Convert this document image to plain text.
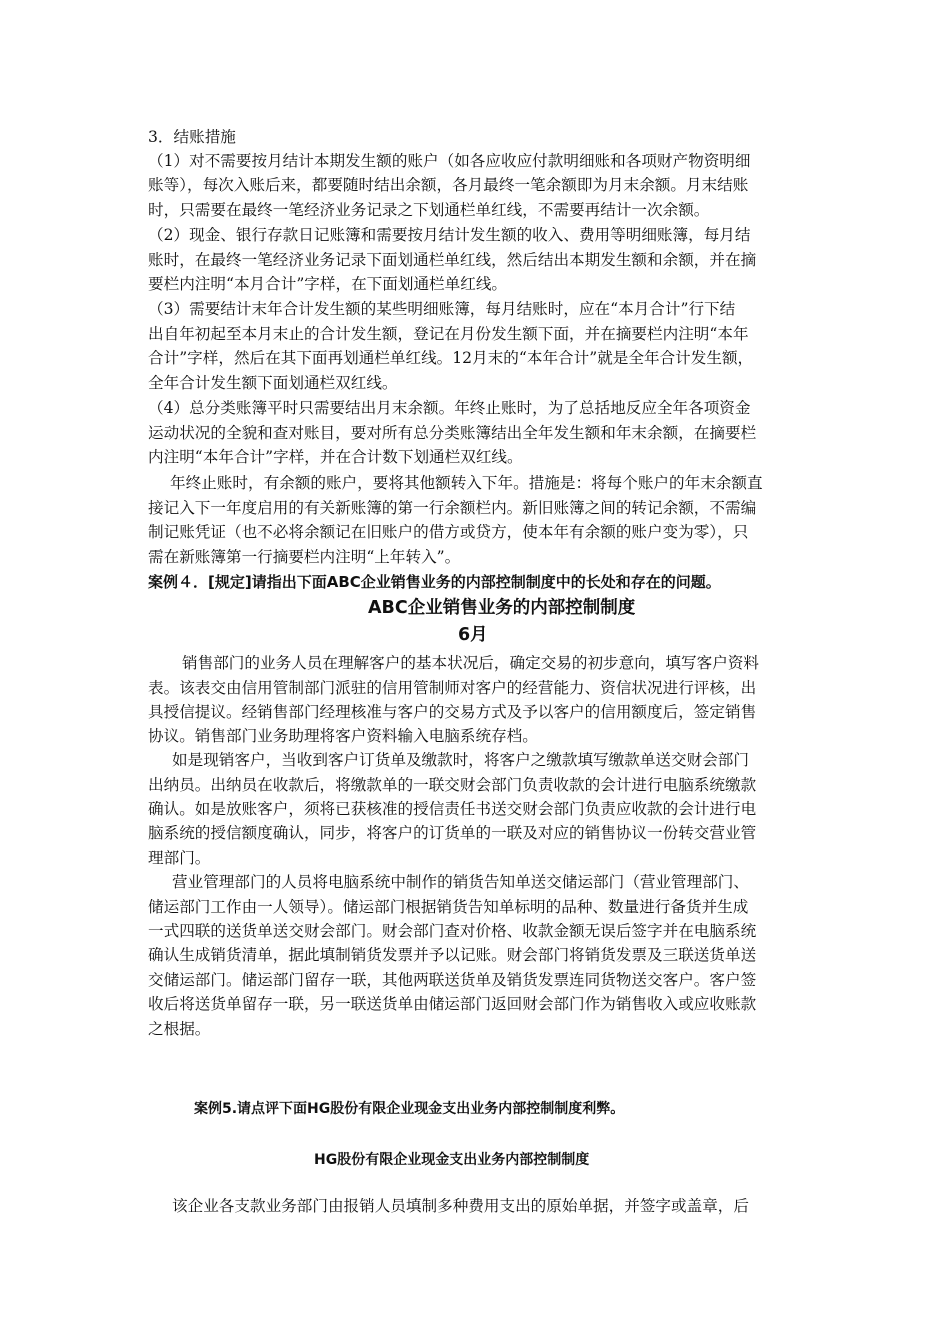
3．结账措施
（1）对不需要按月结计本期发生额的账户（如各应收应付款明细账和各项财产物资明细
账等），每次入账后来，都要随时结出余额，各月最终一笔余额即为月末余额。月末结账
时，只需要在最终一笔经济业务记录之下划通栏单红线，不需要再结计一次余额。
（2）现金、银行存款日记账簿和需要按月结计发生额的收入、费用等明细账簿，每月结
账时，在最终一笔经济业务记录下面划通栏单红线，然后结出本期发生额和余额，并在摘
要栏内注明“本月合计”字样，在下面划通栏单红线。
（3）需要结计末年合计发生额的某些明细账簿，每月结账时，应在“本月合计”行下结
出自年初起至本月末止的合计发生额，登记在月份发生额下面，并在摘要栏内注明“本年
合计”字样，然后在其下面再划通栏单红线。12月末的“本年合计”就是全年合计发生额，
全年合计发生额下面划通栏双红线。
（4）总分类账簿平时只需要结出月末余额。年终止账时，为了总括地反应全年各项资金
运动状况的全貌和查对账目，要对所有总分类账簿结出全年发生额和年末余额，在摘要栏
内注明“本年合计”字样，并在合计数下划通栏双红线。
年终止账时，有余额的账户，要将其他额转入下年。措施是：将每个账户的年末余额直
接记入下一年度启用的有关新账簿的第一行余额栏内。新旧账簿之间的转记余额，不需编
制记账凭证（也不必将余额记在旧账户的借方或贷方，使本年有余额的账户变为零），只
需在新账簿第一行摘要栏内注明“上年转入”。
案例４．[规定]请指出下面ABC企业销售业务的内部控制制度中的长处和存在的问题。
ABC企业销售业务的内部控制制度
6月
销售部门的业务人员在理解客户的基本状况后，确定交易的初步意向，填写客户资料
表。该表交由信用管制部门派驻的信用管制师对客户的经营能力、资信状况进行评核，出
具授信提议。经销售部门经理核准与客户的交易方式及予以客户的信用额度后，签定销售
协议。销售部门业务助理将客户资料输入电脑系统存档。
如是现销客户，当收到客户订货单及缴款时，将客户之缴款填写缴款单送交财会部门
出纳员。出纳员在收款后，将缴款单的一联交财会部门负责收款的会计进行电脑系统缴款
确认。如是放账客户，须将已获核准的授信责任书送交财会部门负责应收款的会计进行电
脑系统的授信额度确认，同步，将客户的订货单的一联及对应的销售协议一份转交营业管
理部门。
营业管理部门的人员将电脑系统中制作的销货告知单送交储运部门（营业管理部门、
储运部门工作由一人领导）。储运部门根据销货告知单标明的品种、数量进行备货并生成
一式四联的送货单送交财会部门。财会部门查对价格、收款金额无误后签字并在电脑系统
确认生成销货清单，据此填制销货发票并予以记账。财会部门将销货发票及三联送货单送
交储运部门。储运部门留存一联，其他两联送货单及销货发票连同货物送交客户。客户签
收后将送货单留存一联，另一联送货单由储运部门返回财会部门作为销售收入或应收账款
之根据。
案例5.请点评下面HG股份有限企业现金支出业务内部控制制度利弊。
HG股份有限企业现金支出业务内部控制制度
该企业各支款业务部门由报销人员填制多种费用支出的原始单据，并签字或盖章，后
